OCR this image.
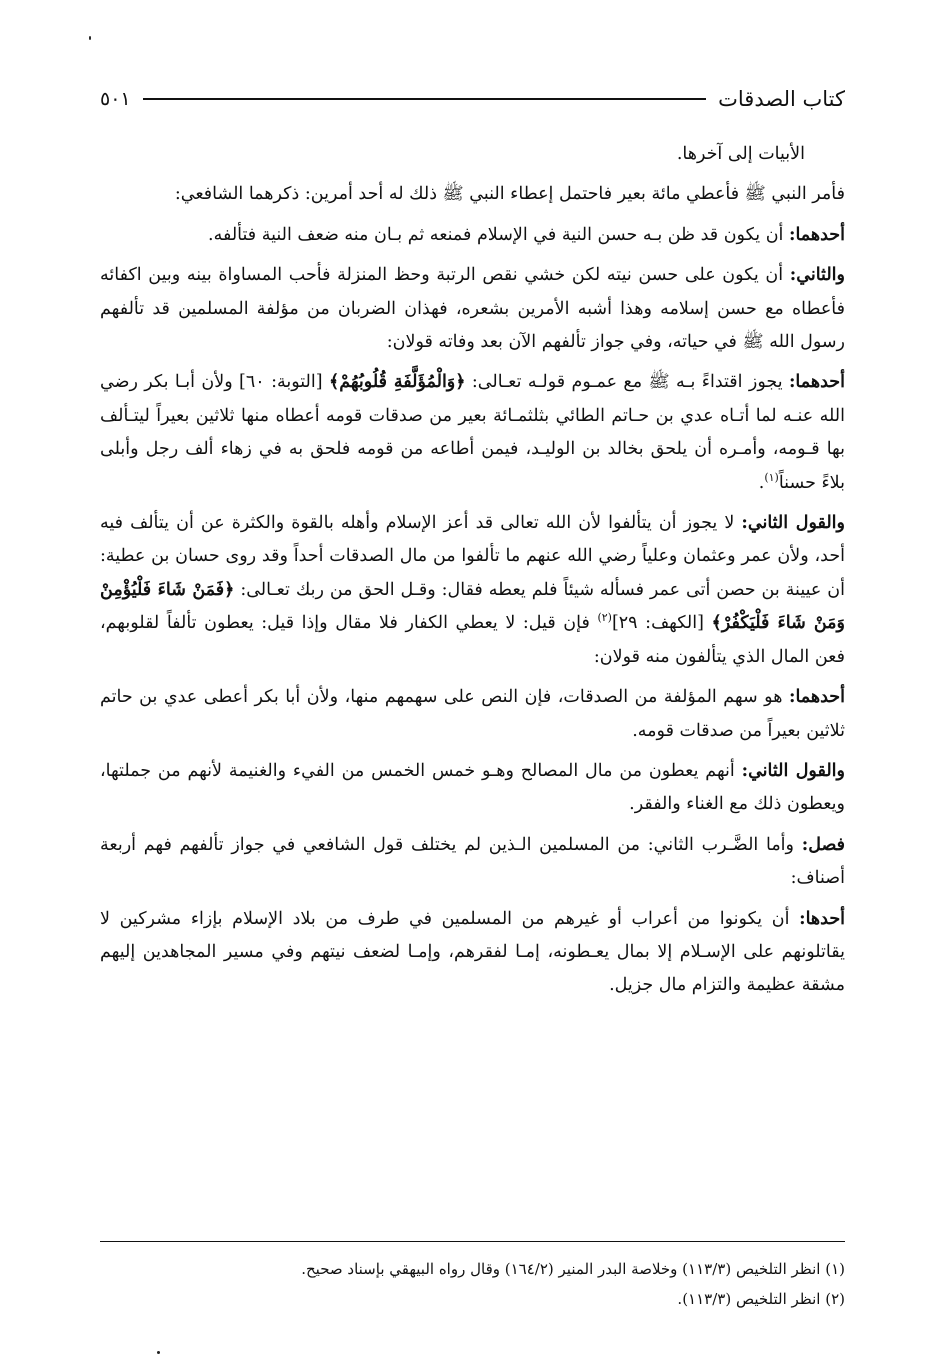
كتاب الصدقات
٥٠١

الأبيات إلى آخرها.

فأمر النبي ﷺ فأعطي مائة بعير فاحتمل إعطاء النبي ﷺ ذلك له أحد أمرين: ذكرهما الشافعي:

أحدهما: أن يكون قد ظن بـه حسن النية في الإسلام فمنعه ثم بـان منه ضعف النية فتألفه.

والثاني: أن يكون على حسن نيته لكن خشي نقص الرتبة وحظ المنزلة فأحب المساواة بينه وبين اكفائه فأعطاه مع حسن إسلامه وهذا أشبه الأمرين بشعره، فهذان الضربان من مؤلفة المسلمين قد تألفهم رسول الله ﷺ في حياته، وفي جواز تألفهم الآن بعد وفاته قولان:

أحدهما: يجوز اقتداءً بـه ﷺ مع عمـوم قولـه تعـالى: ﴿وَالْمُؤَلَّفَةِ قُلُوبُهُمْ﴾ [التوبة: ٦٠] ولأن أبـا بكر رضي الله عنـه لما أتـاه عدي بن حـاتم الطائي بثلثمـائة بعير من صدقات قومه أعطاه منها ثلاثين بعيراً ليتـألف بها قـومه، وأمـره أن يلحق بخالد بن الوليـد، فيمن أطاعه من قومه فلحق به في زهاء ألف رجل وأبلى بلاءً حسناً$^{(١)}$.

والقول الثاني: لا يجوز أن يتألفوا لأن الله تعالى قد أعز الإسلام وأهله بالقوة والكثرة عن أن يتألف فيه أحد، ولأن عمر وعثمان وعلياً رضي الله عنهم ما تألفوا من مال الصدقات أحداً وقد روى حسان بن عطية: أن عيينة بن حصن أتى عمر فسأله شيئاً فلم يعطه فقال: وقـل الحق من ربك تعـالى: ﴿فَمَنْ شَاءَ فَلْيُؤْمِنْ وَمَنْ شَاءَ فَلْيَكْفُرْ﴾ [الكهف: ٢٩]$^{(٢)}$ فإن قيل: لا يعطي الكفار فلا مقال وإذا قيل: يعطون تألفاً لقلوبهم، فعن المال الذي يتألفون منه قولان:

أحدهما: هو سهم المؤلفة من الصدقات، فإن النص على سهمهم منها، ولأن أبا بكر أعطى عدي بن حاتم ثلاثين بعيراً من صدقات قومه.

والقول الثاني: أنهم يعطون من مال المصالح وهـو خمس الخمس من الفيء والغنيمة لأنهم من جملتها، ويعطون ذلك مع الغناء والفقر.

فصل: وأما الضَّـرب الثاني: من المسلمين الـذين لم يختلف قول الشافعي في جواز تألفهم فهم أربعة أصناف:

أحدها: أن يكونوا من أعراب أو غيرهم من المسلمين في طرف من بلاد الإسلام بإزاء مشركين لا يقاتلونهم على الإسـلام إلا بمال يعـطونه، إمـا لفقرهم، وإمـا لضعف نيتهم وفي مسير المجاهدين إليهم مشقة عظيمة والتزام مال جزيل.

(١) انظر التلخيص (١١٣/٣) وخلاصة البدر المنير (١٦٤/٢) وقال رواه البيهقي بإسناد صحيح.
(٢) انظر التلخيص (١١٣/٣).
